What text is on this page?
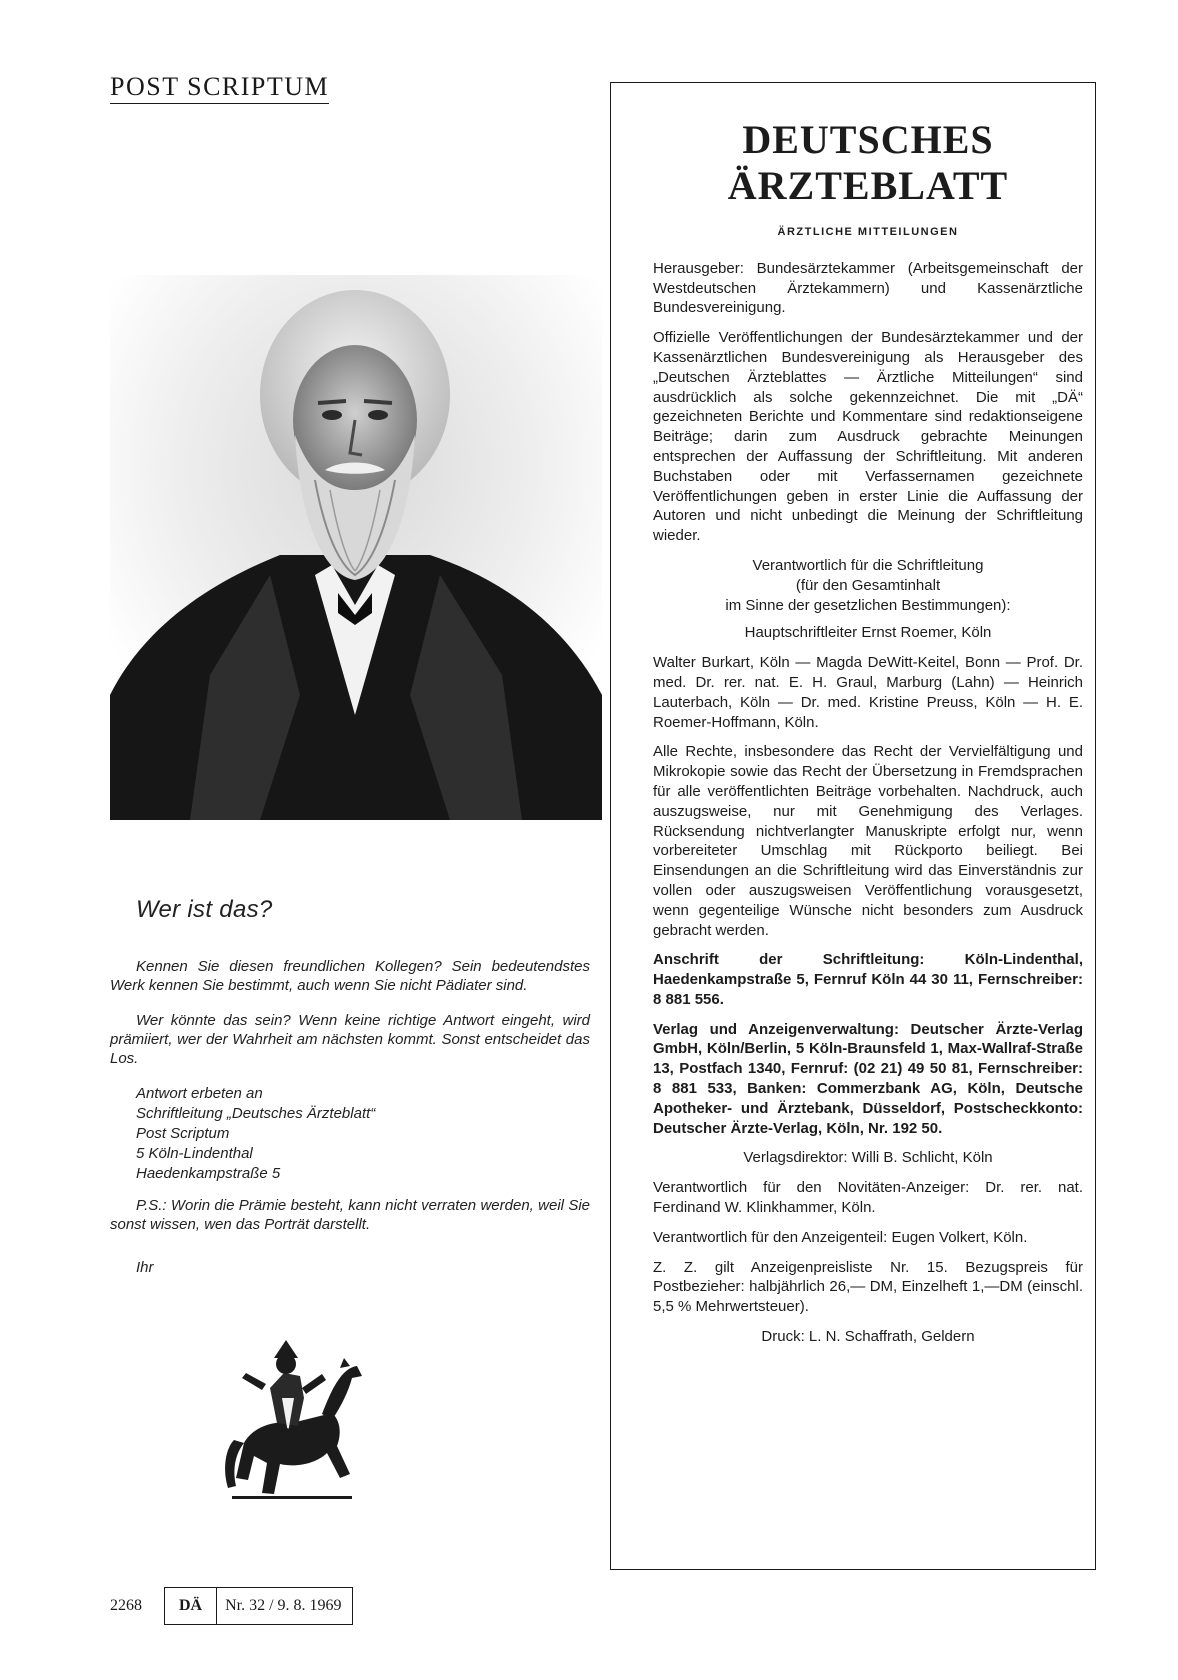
POST SCRIPTUM
Wer ist das?

Kennen Sie diesen freundlichen Kollegen? Sein bedeutendstes Werk kennen Sie bestimmt, auch wenn Sie nicht Pädiater sind.

Wer könnte das sein? Wenn keine richtige Antwort eingeht, wird prämiiert, wer der Wahrheit am nächsten kommt. Sonst entscheidet das Los.

Antwort erbeten an
Schriftleitung „Deutsches Ärzteblatt“
Post Scriptum
5 Köln-Lindenthal
Haedenkampstraße 5

P.S.: Worin die Prämie besteht, kann nicht verraten werden, weil Sie sonst wissen, wen das Porträt darstellt.

Ihr
2268	DÄ	Nr. 32 / 9. 8. 1969
DEUTSCHES
ÄRZTEBLATT
ÄRZTLICHE MITTEILUNGEN

Herausgeber: Bundesärztekammer (Arbeitsgemeinschaft der Westdeutschen Ärztekammern) und Kassenärztliche Bundesvereinigung.

Offizielle Veröffentlichungen der Bundesärztekammer und der Kassenärztlichen Bundesvereinigung als Herausgeber des „Deutschen Ärzteblattes — Ärztliche Mitteilungen“ sind ausdrücklich als solche gekennzeichnet. Die mit „DÄ“ gezeichneten Berichte und Kommentare sind redaktionseigene Beiträge; darin zum Ausdruck gebrachte Meinungen entsprechen der Auffassung der Schriftleitung. Mit anderen Buchstaben oder mit Verfassernamen gezeichnete Veröffentlichungen geben in erster Linie die Auffassung der Autoren und nicht unbedingt die Meinung der Schriftleitung wieder.

Verantwortlich für die Schriftleitung
(für den Gesamtinhalt
im Sinne der gesetzlichen Bestimmungen):

Hauptschriftleiter Ernst Roemer, Köln

Walter Burkart, Köln — Magda DeWitt-Keitel, Bonn — Prof. Dr. med. Dr. rer. nat. E. H. Graul, Marburg (Lahn) — Heinrich Lauterbach, Köln — Dr. med. Kristine Preuss, Köln — H. E. Roemer-Hoffmann, Köln.

Alle Rechte, insbesondere das Recht der Vervielfältigung und Mikrokopie sowie das Recht der Übersetzung in Fremdsprachen für alle veröffentlichten Beiträge vorbehalten. Nachdruck, auch auszugsweise, nur mit Genehmigung des Verlages. Rücksendung nichtverlangter Manuskripte erfolgt nur, wenn vorbereiteter Umschlag mit Rückporto beiliegt. Bei Einsendungen an die Schriftleitung wird das Einverständnis zur vollen oder auszugsweisen Veröffentlichung vorausgesetzt, wenn gegenteilige Wünsche nicht besonders zum Ausdruck gebracht werden.

Anschrift der Schriftleitung: Köln-Lindenthal, Haedenkampstraße 5, Fernruf Köln 44 30 11, Fernschreiber: 8 881 556.

Verlag und Anzeigenverwaltung: Deutscher Ärzte-Verlag GmbH, Köln/Berlin, 5 Köln-Braunsfeld 1, Max-Wallraf-Straße 13, Postfach 1340, Fernruf: (02 21) 49 50 81, Fernschreiber: 8 881 533, Banken: Commerzbank AG, Köln, Deutsche Apotheker- und Ärztebank, Düsseldorf, Postscheckkonto: Deutscher Ärzte-Verlag, Köln, Nr. 192 50.

Verlagsdirektor: Willi B. Schlicht, Köln

Verantwortlich für den Novitäten-Anzeiger: Dr. rer. nat. Ferdinand W. Klinkhammer, Köln.

Verantwortlich für den Anzeigenteil: Eugen Volkert, Köln.

Z. Z. gilt Anzeigenpreisliste Nr. 15. Bezugspreis für Postbezieher: halbjährlich 26,— DM, Einzelheft 1,—DM (einschl. 5,5 % Mehrwertsteuer).

Druck: L. N. Schaffrath, Geldern
